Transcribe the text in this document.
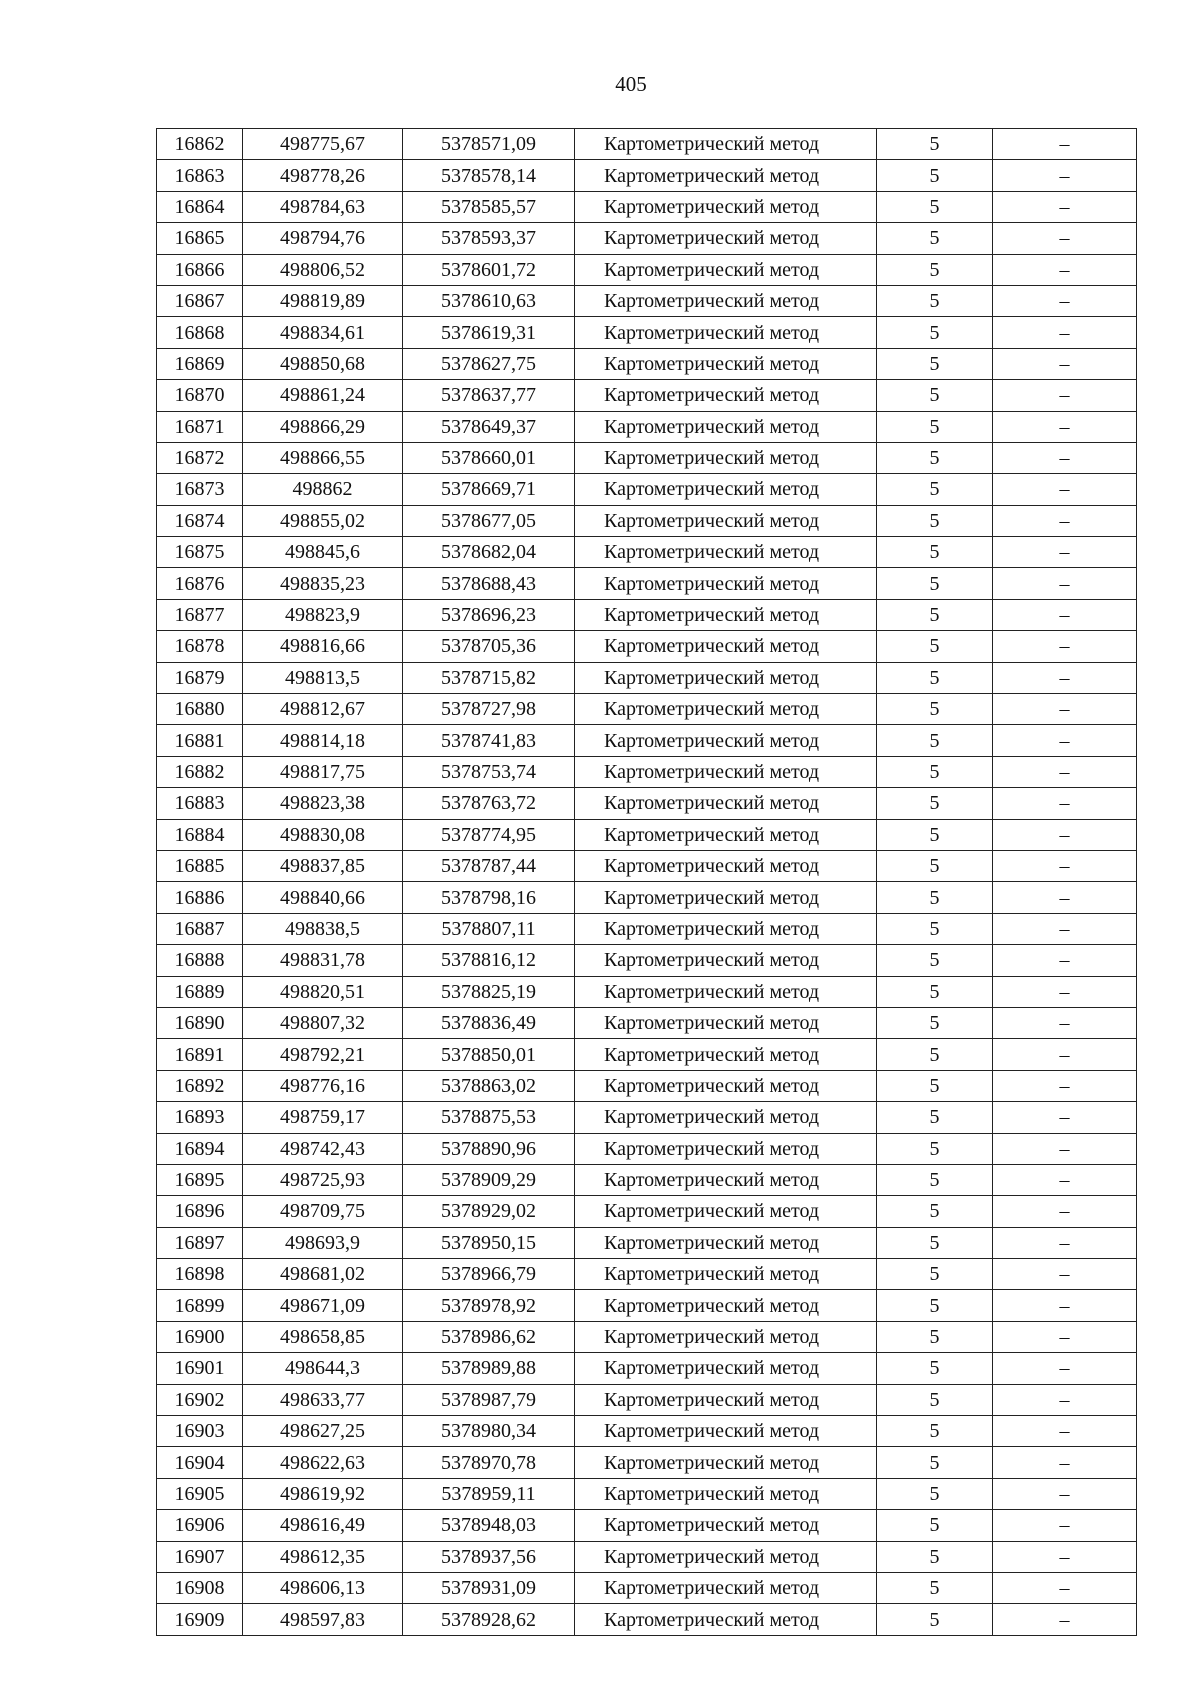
405
16862	498775,67	5378571,09	Картометрический метод	5	–
16863	498778,26	5378578,14	Картометрический метод	5	–
16864	498784,63	5378585,57	Картометрический метод	5	–
16865	498794,76	5378593,37	Картометрический метод	5	–
16866	498806,52	5378601,72	Картометрический метод	5	–
16867	498819,89	5378610,63	Картометрический метод	5	–
16868	498834,61	5378619,31	Картометрический метод	5	–
16869	498850,68	5378627,75	Картометрический метод	5	–
16870	498861,24	5378637,77	Картометрический метод	5	–
16871	498866,29	5378649,37	Картометрический метод	5	–
16872	498866,55	5378660,01	Картометрический метод	5	–
16873	498862	5378669,71	Картометрический метод	5	–
16874	498855,02	5378677,05	Картометрический метод	5	–
16875	498845,6	5378682,04	Картометрический метод	5	–
16876	498835,23	5378688,43	Картометрический метод	5	–
16877	498823,9	5378696,23	Картометрический метод	5	–
16878	498816,66	5378705,36	Картометрический метод	5	–
16879	498813,5	5378715,82	Картометрический метод	5	–
16880	498812,67	5378727,98	Картометрический метод	5	–
16881	498814,18	5378741,83	Картометрический метод	5	–
16882	498817,75	5378753,74	Картометрический метод	5	–
16883	498823,38	5378763,72	Картометрический метод	5	–
16884	498830,08	5378774,95	Картометрический метод	5	–
16885	498837,85	5378787,44	Картометрический метод	5	–
16886	498840,66	5378798,16	Картометрический метод	5	–
16887	498838,5	5378807,11	Картометрический метод	5	–
16888	498831,78	5378816,12	Картометрический метод	5	–
16889	498820,51	5378825,19	Картометрический метод	5	–
16890	498807,32	5378836,49	Картометрический метод	5	–
16891	498792,21	5378850,01	Картометрический метод	5	–
16892	498776,16	5378863,02	Картометрический метод	5	–
16893	498759,17	5378875,53	Картометрический метод	5	–
16894	498742,43	5378890,96	Картометрический метод	5	–
16895	498725,93	5378909,29	Картометрический метод	5	–
16896	498709,75	5378929,02	Картометрический метод	5	–
16897	498693,9	5378950,15	Картометрический метод	5	–
16898	498681,02	5378966,79	Картометрический метод	5	–
16899	498671,09	5378978,92	Картометрический метод	5	–
16900	498658,85	5378986,62	Картометрический метод	5	–
16901	498644,3	5378989,88	Картометрический метод	5	–
16902	498633,77	5378987,79	Картометрический метод	5	–
16903	498627,25	5378980,34	Картометрический метод	5	–
16904	498622,63	5378970,78	Картометрический метод	5	–
16905	498619,92	5378959,11	Картометрический метод	5	–
16906	498616,49	5378948,03	Картометрический метод	5	–
16907	498612,35	5378937,56	Картометрический метод	5	–
16908	498606,13	5378931,09	Картометрический метод	5	–
16909	498597,83	5378928,62	Картометрический метод	5	–
